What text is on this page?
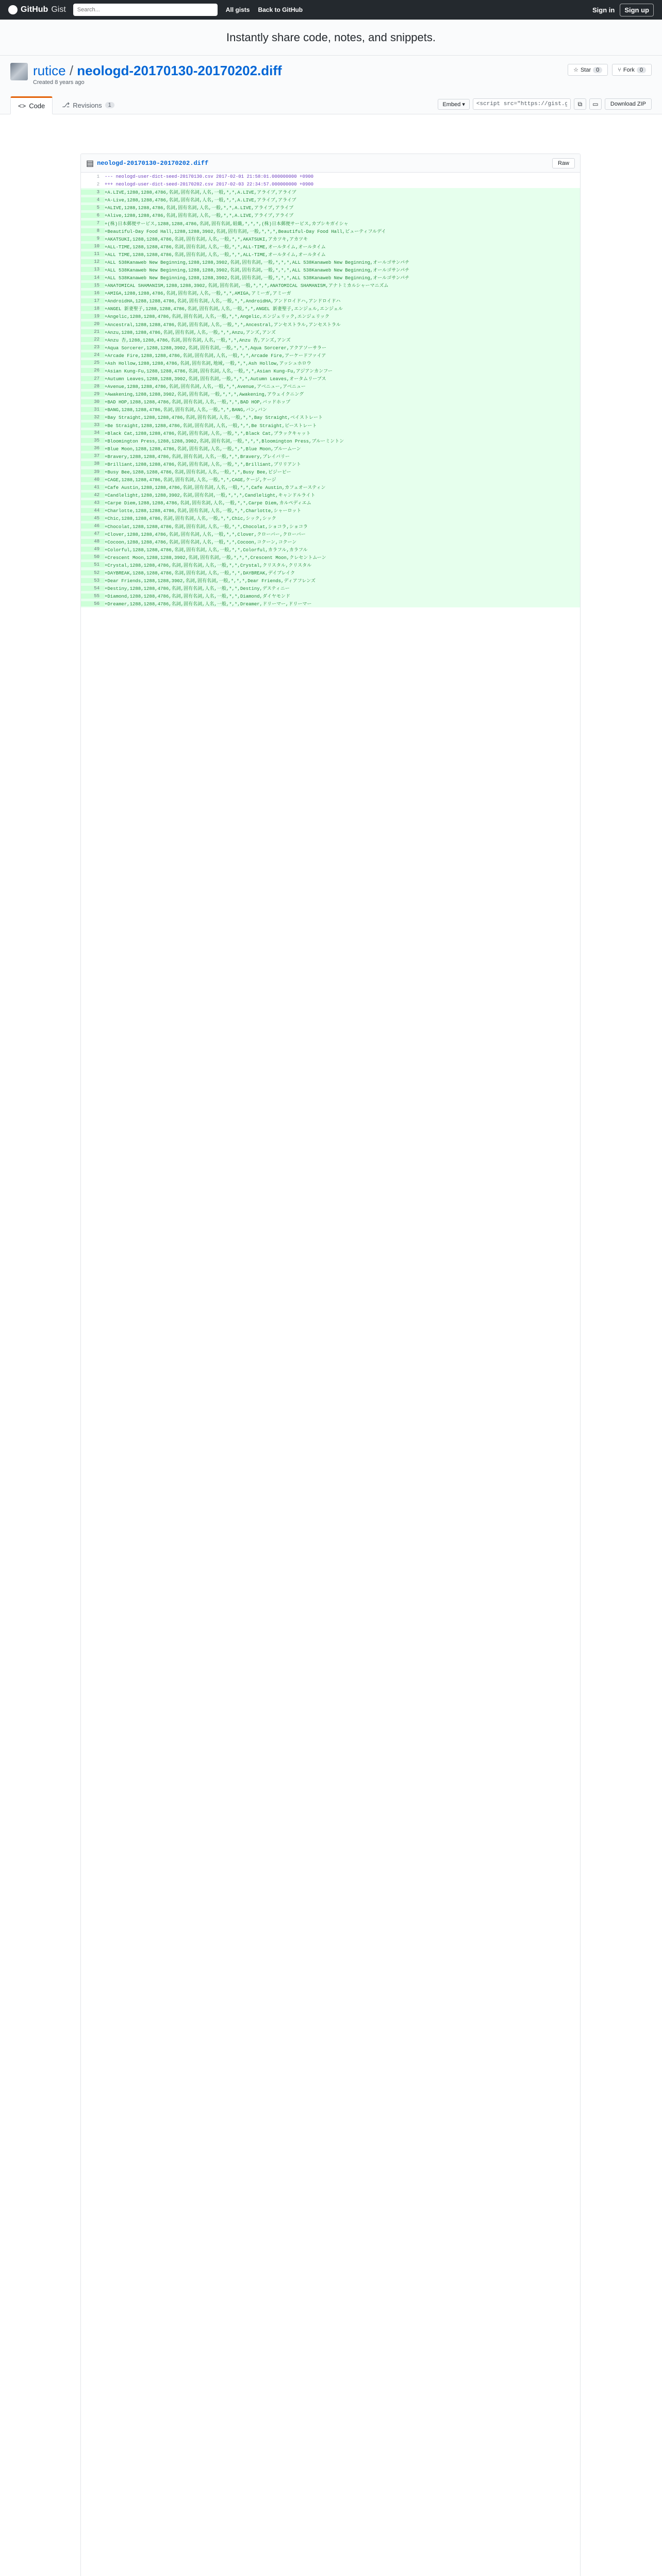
GitHub Gist
Search...	All gists Back to GitHub	Sign in	Sign up
Instantly share code, notes, and snippets.
rutice / neologd-20170130-20170202.diff
Created 8 years ago
☆ Star 0	⑂ Fork 0
<> Code	⎇ Revisions	1	Embed ▾
<script src="https://gist.github.com/rutice/	⧉ ▭	Download ZIP
▤ neologd-20170130-20170202.diff	Raw
1	--- neologd-user-dict-seed-20170130.csv 2017-02-01 21:58:01.000000000 +0900
2	+++ neologd-user-dict-seed-20170202.csv 2017-02-03 22:34:57.000000000 +0900
3	+A.LIVE,1288,1288,4786,名詞,固有名詞,人名,一般,*,*,A.LIVE,アライブ,アライブ
4	+A-Live,1288,1288,4786,名詞,固有名詞,人名,一般,*,*,A.LIVE,アライブ,アライブ
5	+ALIVE,1288,1288,4786,名詞,固有名詞,人名,一般,*,*,A.LIVE,アライブ,アライブ
6	+Alive,1288,1288,4786,名詞,固有名詞,人名,一般,*,*,A.LIVE,アライブ,アライブ
7	+(株)日本郵便サービス,1288,1288,4786,名詞,固有名詞,組織,*,*,*,(株)日本郵便サービス,カブシキガイシャ
8	+Beautiful-Day Food Hall,1288,1288,3902,名詞,固有名詞,一般,*,*,*,Beautiful-Day Food Hall,ビューティフルデイ
9	+AKATSUKI,1288,1288,4786,名詞,固有名詞,人名,一般,*,*,AKATSUKI,アカツキ,アカツキ
10	+ALL-TIME,1288,1288,4786,名詞,固有名詞,人名,一般,*,*,ALL-TIME,オールタイム,オールタイム
11	+ALL TIME,1288,1288,4786,名詞,固有名詞,人名,一般,*,*,ALL-TIME,オールタイム,オールタイム
12	+ALL 538Kanaweb New Beginning,1288,1288,3902,名詞,固有名詞,一般,*,*,*,ALL 538Kanaweb New Beginning,オールゴサンパチ
13	+ALL 538Kanaweb New Beginning,1288,1288,3902,名詞,固有名詞,一般,*,*,*,ALL 538Kanaweb New Beginning,オールゴサンパチ
14	+ALL 538Kanaweb New Beginning,1288,1288,3902,名詞,固有名詞,一般,*,*,*,ALL 538Kanaweb New Beginning,オールゴサンパチ
15	+ANATOMICAL SHAMANISM,1288,1288,3902,名詞,固有名詞,一般,*,*,*,ANATOMICAL SHAMANISM,アナトミカルシャーマニズム
16	+AMIGA,1288,1288,4786,名詞,固有名詞,人名,一般,*,*,AMIGA,アミーガ,アミーガ
17	+AndroidHA,1288,1288,4786,名詞,固有名詞,人名,一般,*,*,AndroidHA,アンドロイドハ,アンドロイドハ
18	+ANGEL 新妻聖子,1288,1288,4786,名詞,固有名詞,人名,一般,*,*,ANGEL 新妻聖子,エンジェル,エンジェル
19	+Angelic,1288,1288,4786,名詞,固有名詞,人名,一般,*,*,Angelic,エンジェリック,エンジェリック
20	+Ancestral,1288,1288,4786,名詞,固有名詞,人名,一般,*,*,Ancestral,アンセストラル,アンセストラル
21	+Anzu,1288,1288,4786,名詞,固有名詞,人名,一般,*,*,Anzu,アンズ,アンズ
22	+Anzu 杏,1288,1288,4786,名詞,固有名詞,人名,一般,*,*,Anzu 杏,アンズ,アンズ
23	+Aqua Sorcerer,1288,1288,3902,名詞,固有名詞,一般,*,*,*,Aqua Sorcerer,アクアソーサラー
24	+Arcade Fire,1288,1288,4786,名詞,固有名詞,人名,一般,*,*,Arcade Fire,アーケードファイア
25	+Ash Hollow,1288,1288,4786,名詞,固有名詞,地域,一般,*,*,Ash Hollow,アッシュホロウ
26	+Asian Kung-Fu,1288,1288,4786,名詞,固有名詞,人名,一般,*,*,Asian Kung-Fu,アジアンカンフー
27	+Autumn Leaves,1288,1288,3902,名詞,固有名詞,一般,*,*,*,Autumn Leaves,オータムリーブス
28	+Avenue,1288,1288,4786,名詞,固有名詞,人名,一般,*,*,Avenue,アベニュー,アベニュー
29	+Awakening,1288,1288,3902,名詞,固有名詞,一般,*,*,*,Awakening,アウェイクニング
30	+BAD HOP,1288,1288,4786,名詞,固有名詞,人名,一般,*,*,BAD HOP,バッドホップ
31	+BANG,1288,1288,4786,名詞,固有名詞,人名,一般,*,*,BANG,バン,バン
32	+Bay Straight,1288,1288,4786,名詞,固有名詞,人名,一般,*,*,Bay Straight,ベイストレート
33	+Be Straight,1288,1288,4786,名詞,固有名詞,人名,一般,*,*,Be Straight,ビーストレート
34	+Black Cat,1288,1288,4786,名詞,固有名詞,人名,一般,*,*,Black Cat,ブラックキャット
35	+Bloomington Press,1288,1288,3902,名詞,固有名詞,一般,*,*,*,Bloomington Press,ブルーミントン
36	+Blue Moon,1288,1288,4786,名詞,固有名詞,人名,一般,*,*,Blue Moon,ブルームーン
37	+Bravery,1288,1288,4786,名詞,固有名詞,人名,一般,*,*,Bravery,ブレイバリー
38	+Brilliant,1288,1288,4786,名詞,固有名詞,人名,一般,*,*,Brilliant,ブリリアント
39	+Busy Bee,1288,1288,4786,名詞,固有名詞,人名,一般,*,*,Busy Bee,ビジービー
40	+CAGE,1288,1288,4786,名詞,固有名詞,人名,一般,*,*,CAGE,ケージ,ケージ
41	+Cafe Austin,1288,1288,4786,名詞,固有名詞,人名,一般,*,*,Cafe Austin,カフェオースティン
42	+Candlelight,1288,1288,3902,名詞,固有名詞,一般,*,*,*,Candlelight,キャンドルライト
43	+Carpe Diem,1288,1288,4786,名詞,固有名詞,人名,一般,*,*,Carpe Diem,カルペディエム
44	+Charlotte,1288,1288,4786,名詞,固有名詞,人名,一般,*,*,Charlotte,シャーロット
45	+Chic,1288,1288,4786,名詞,固有名詞,人名,一般,*,*,Chic,シック,シック
46	+Chocolat,1288,1288,4786,名詞,固有名詞,人名,一般,*,*,Chocolat,ショコラ,ショコラ
47	+Clover,1288,1288,4786,名詞,固有名詞,人名,一般,*,*,Clover,クローバー,クローバー
48	+Cocoon,1288,1288,4786,名詞,固有名詞,人名,一般,*,*,Cocoon,コクーン,コクーン
49	+Colorful,1288,1288,4786,名詞,固有名詞,人名,一般,*,*,Colorful,カラフル,カラフル
50	+Crescent Moon,1288,1288,3902,名詞,固有名詞,一般,*,*,*,Crescent Moon,クレセントムーン
51	+Crystal,1288,1288,4786,名詞,固有名詞,人名,一般,*,*,Crystal,クリスタル,クリスタル
52	+DAYBREAK,1288,1288,4786,名詞,固有名詞,人名,一般,*,*,DAYBREAK,デイブレイク
53	+Dear Friends,1288,1288,3902,名詞,固有名詞,一般,*,*,*,Dear Friends,ディアフレンズ
54	+Destiny,1288,1288,4786,名詞,固有名詞,人名,一般,*,*,Destiny,デスティニー
55	+Diamond,1288,1288,4786,名詞,固有名詞,人名,一般,*,*,Diamond,ダイヤモンド
56	+Dreamer,1288,1288,4786,名詞,固有名詞,人名,一般,*,*,Dreamer,ドリーマー,ドリーマー
